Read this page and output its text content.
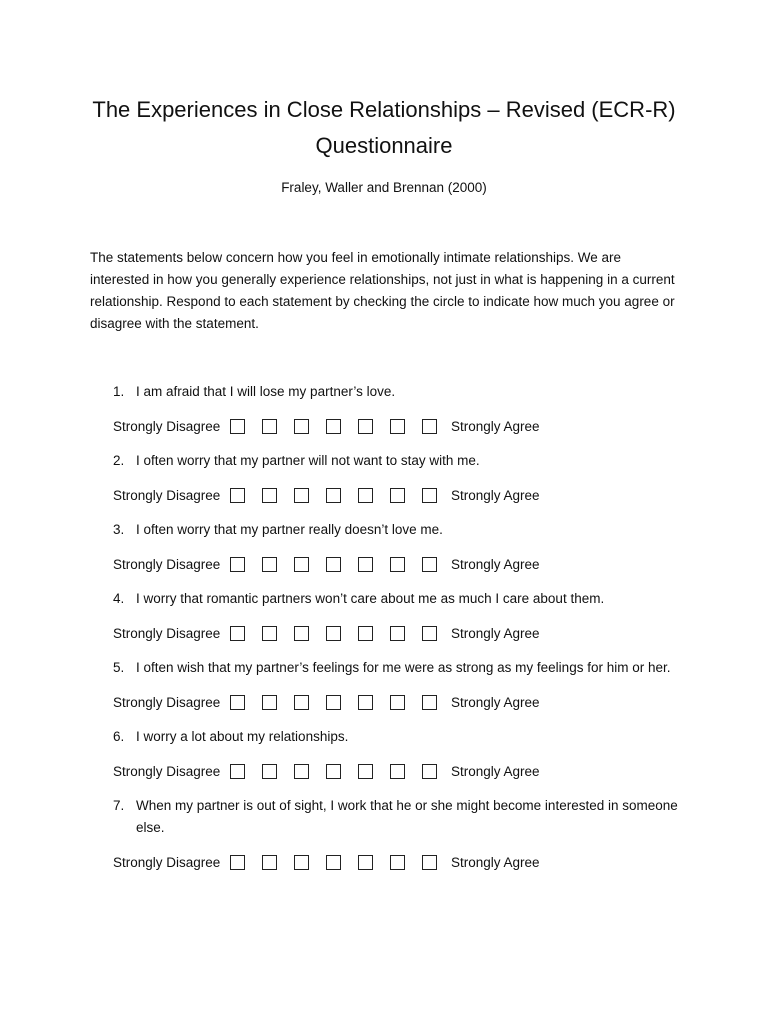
The Experiences in Close Relationships – Revised (ECR-R)
Questionnaire
Fraley, Waller and Brennan (2000)
The statements below concern how you feel in emotionally intimate relationships. We are interested in how you generally experience relationships, not just in what is happening in a current relationship. Respond to each statement by checking the circle to indicate how much you agree or disagree with the statement.
1. I am afraid that I will lose my partner’s love.
Strongly Disagree	Strongly Agree
2. I often worry that my partner will not want to stay with me.
Strongly Disagree	Strongly Agree
3. I often worry that my partner really doesn’t love me.
Strongly Disagree	Strongly Agree
4. I worry that romantic partners won’t care about me as much I care about them.
Strongly Disagree	Strongly Agree
5. I often wish that my partner’s feelings for me were as strong as my feelings for him or her.
Strongly Disagree	Strongly Agree
6. I worry a lot about my relationships.
Strongly Disagree	Strongly Agree
7. When my partner is out of sight, I work that he or she might become interested in someone else.
Strongly Disagree	Strongly Agree
